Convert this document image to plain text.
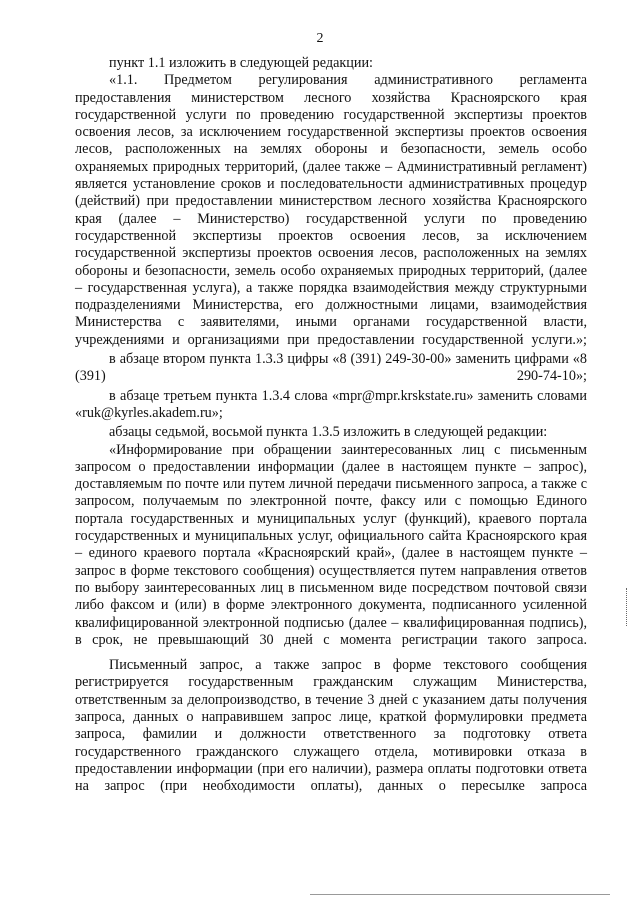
2

пункт 1.1 изложить в следующей редакции:

«1.1. Предметом регулирования административного регламента предоставления министерством лесного хозяйства Красноярского края государственной услуги по проведению государственной экспертизы проектов освоения лесов, за исключением государственной экспертизы проектов освоения лесов, расположенных на землях обороны и безопасности, земель особо охраняемых природных территорий, (далее также – Административный регламент) является установление сроков и последовательности административных процедур (действий) при предоставлении министерством лесного хозяйства Красноярского края (далее – Министерство) государственной услуги по проведению государственной экспертизы проектов освоения лесов, за исключением государственной экспертизы проектов освоения лесов, расположенных на землях обороны и безопасности, земель особо охраняемых природных территорий, (далее – государственная услуга), а также порядка взаимодействия между структурными подразделениями Министерства, его должностными лицами, взаимодействия Министерства с заявителями, иными органами государственной власти, учреждениями и организациями при предоставлении государственной услуги.»;

в абзаце втором пункта 1.3.3 цифры «8 (391) 249-30-00» заменить цифрами «8 (391) 290-74-10»;

в абзаце третьем пункта 1.3.4 слова «mpr@mpr.krskstate.ru» заменить словами «ruk@kyrles.akadem.ru»;

абзацы седьмой, восьмой пункта 1.3.5 изложить в следующей редакции:

«Информирование при обращении заинтересованных лиц с письменным запросом о предоставлении информации (далее в настоящем пункте – запрос), доставляемым по почте или путем личной передачи письменного запроса, а также с запросом, получаемым по электронной почте, факсу или с помощью Единого портала государственных и муниципальных услуг (функций), краевого портала государственных и муниципальных услуг, официального сайта Красноярского края – единого краевого портала «Красноярский край», (далее в настоящем пункте – запрос в форме текстового сообщения) осуществляется путем направления ответов по выбору заинтересованных лиц в письменном виде посредством почтовой связи либо факсом и (или) в форме электронного документа, подписанного усиленной квалифицированной электронной подписью (далее – квалифицированная подпись), в срок, не превышающий 30 дней с момента регистрации такого запроса.

Письменный запрос, а также запрос в форме текстового сообщения регистрируется государственным гражданским служащим Министерства, ответственным за делопроизводство, в течение 3 дней с указанием даты получения запроса, данных о направившем запрос лице, краткой формулировки предмета запроса, фамилии и должности ответственного за подготовку ответа государственного гражданского служащего отдела, мотивировки отказа в предоставлении информации (при его наличии), размера оплаты подготовки ответа на запрос (при необходимости оплаты), данных о пересылке запроса
